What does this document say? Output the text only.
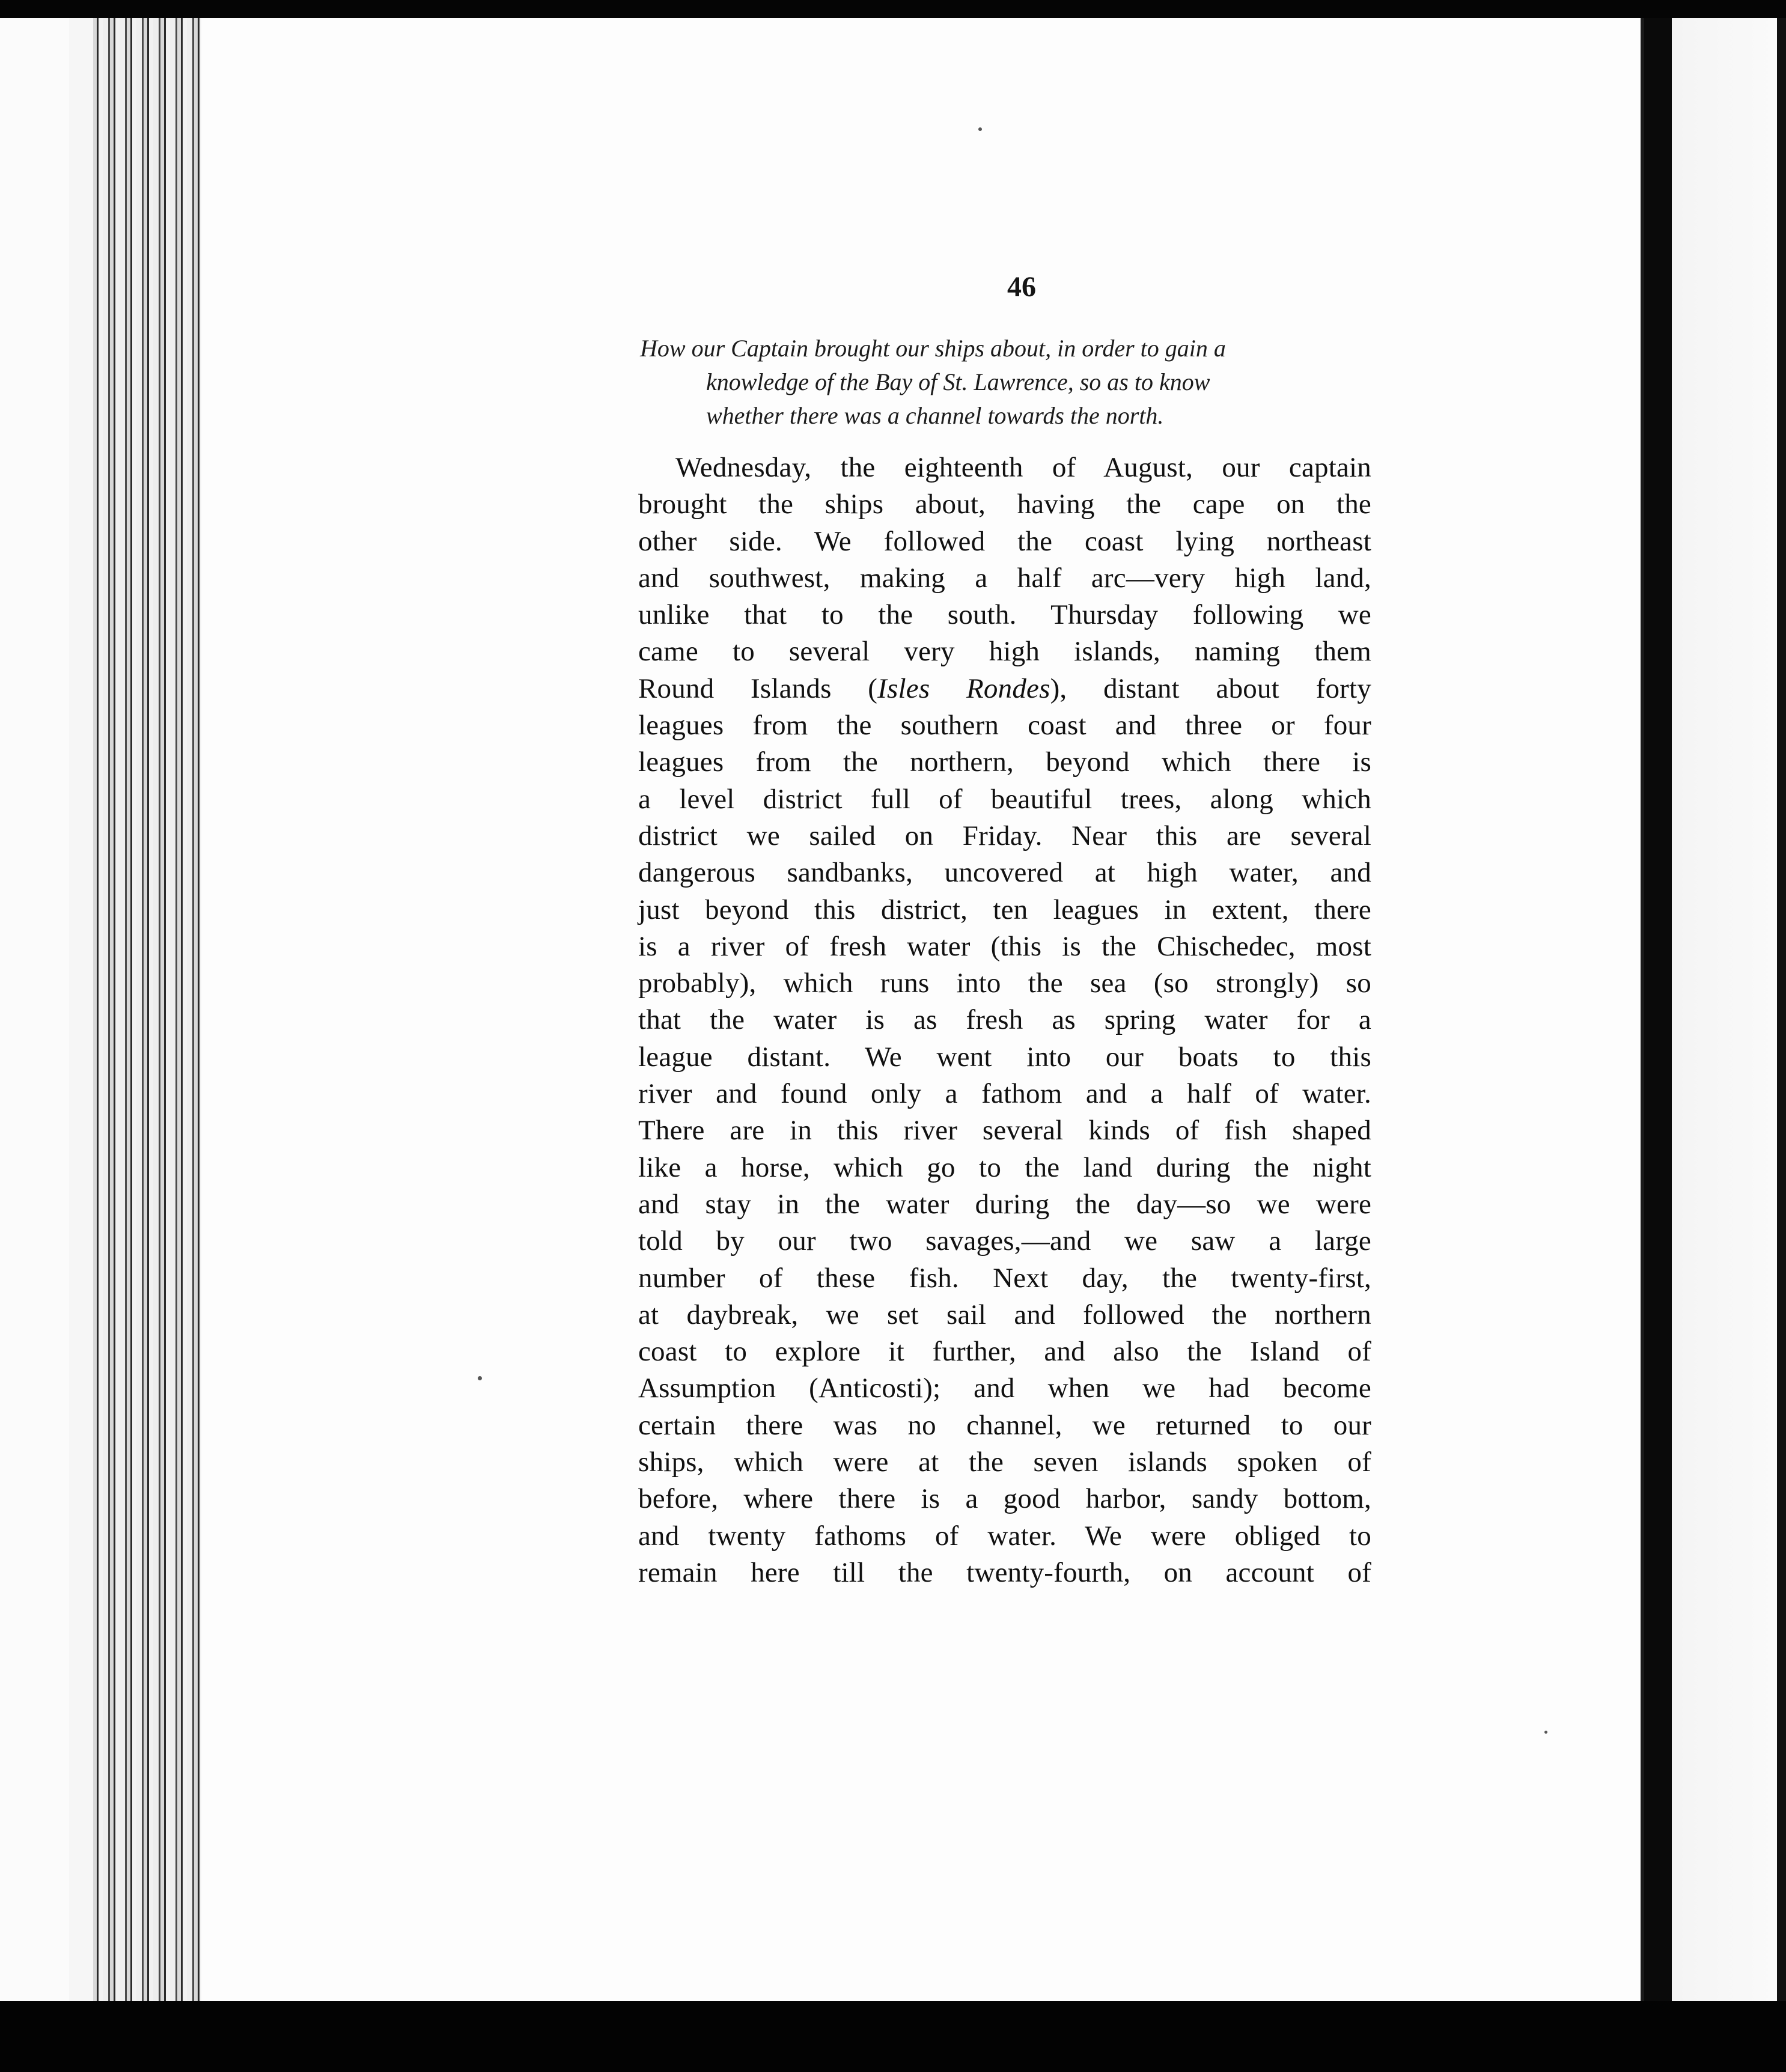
46
How our Captain brought our ships about, in order to gain a
knowledge of the Bay of St. Lawrence, so as to know
whether there was a channel towards the north.
Wednesday, the eighteenth of August, our captain
brought the ships about, having the cape on the
other side. We followed the coast lying northeast
and southwest, making a half arc—very high land,
unlike that to the south. Thursday following we
came to several very high islands, naming them
Round Islands (Isles Rondes), distant about forty
leagues from the southern coast and three or four
leagues from the northern, beyond which there is
a level district full of beautiful trees, along which
district we sailed on Friday. Near this are several
dangerous sandbanks, uncovered at high water, and
just beyond this district, ten leagues in extent, there
is a river of fresh water (this is the Chischedec, most
probably), which runs into the sea (so strongly) so
that the water is as fresh as spring water for a
league distant. We went into our boats to this
river and found only a fathom and a half of water.
There are in this river several kinds of fish shaped
like a horse, which go to the land during the night
and stay in the water during the day—so we were
told by our two savages,—and we saw a large
number of these fish. Next day, the twenty-first,
at daybreak, we set sail and followed the northern
coast to explore it further, and also the Island of
Assumption (Anticosti); and when we had become
certain there was no channel, we returned to our
ships, which were at the seven islands spoken of
before, where there is a good harbor, sandy bottom,
and twenty fathoms of water. We were obliged to
remain here till the twenty-fourth, on account of
